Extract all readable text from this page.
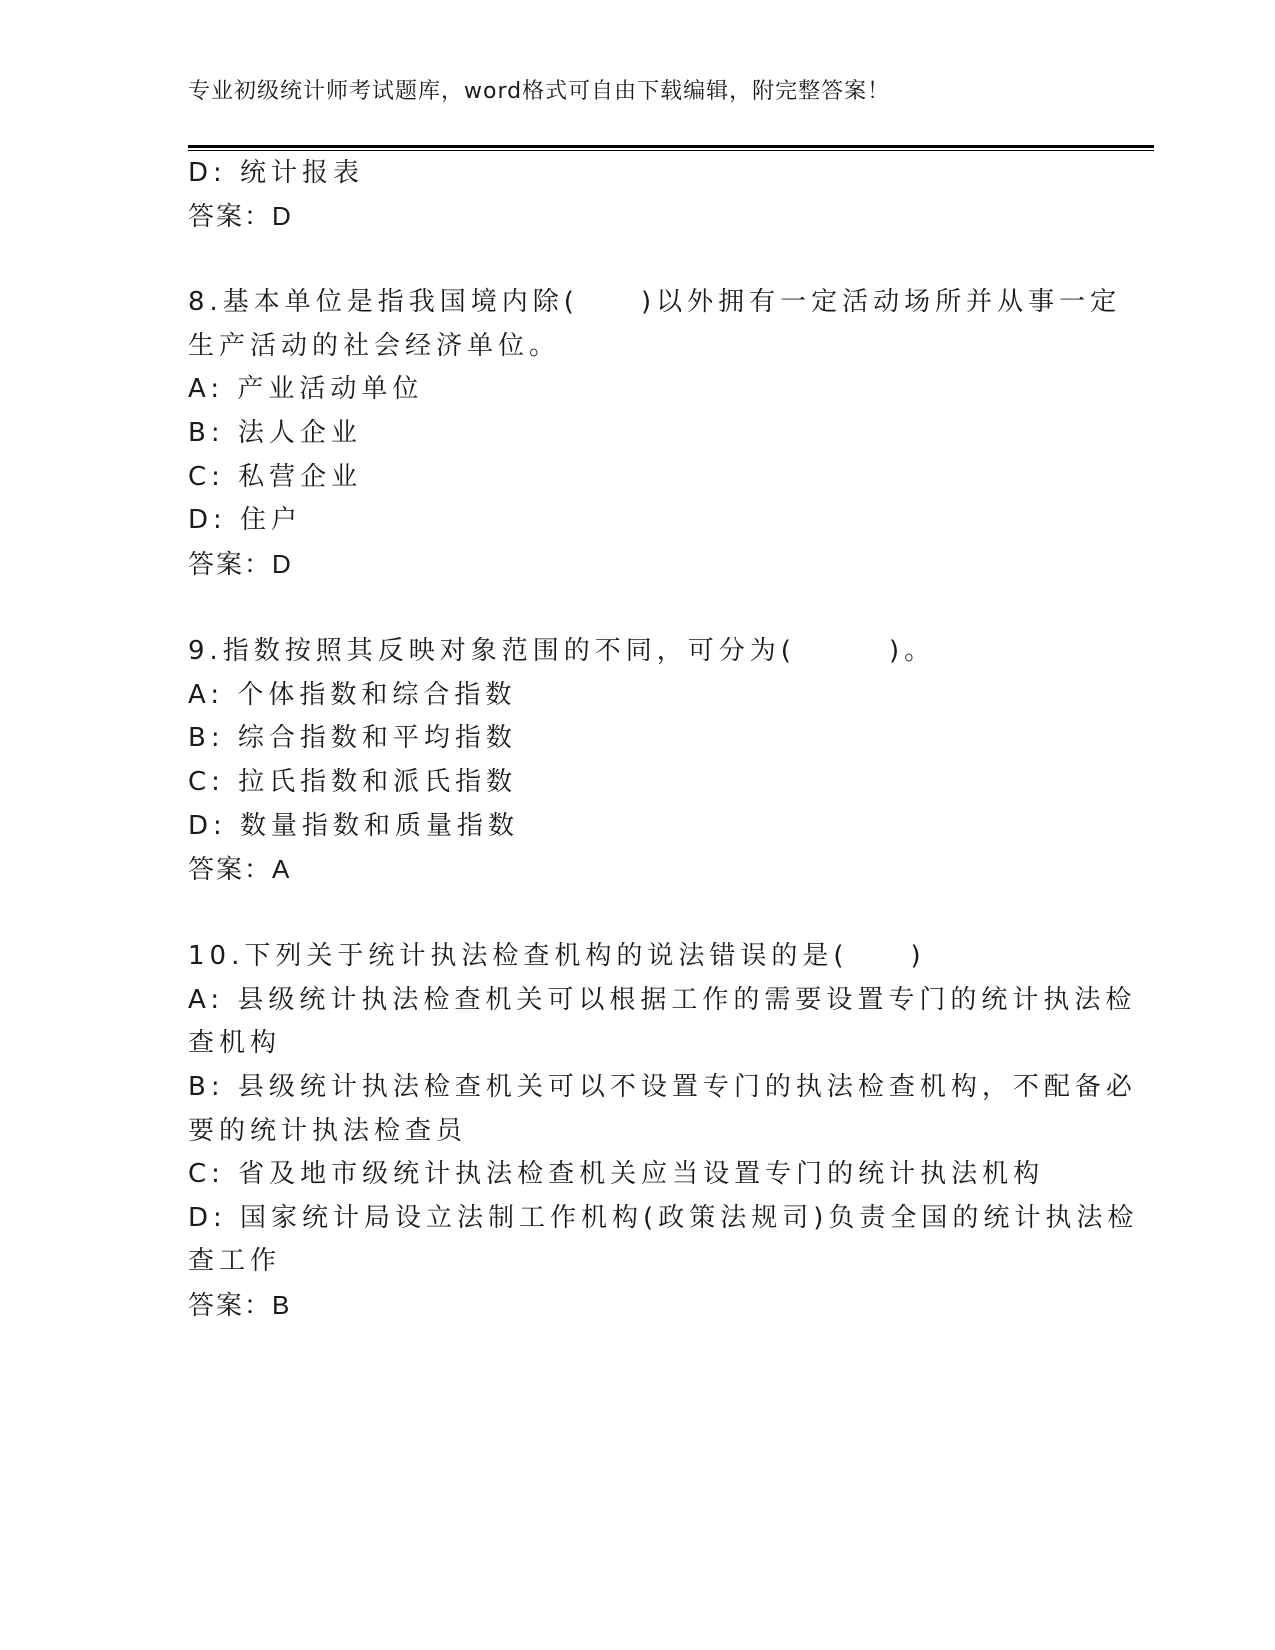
专业初级统计师考试题库，word格式可自由下载编辑，附完整答案！
D: 统计报表
答案：D
8.基本单位是指我国境内除(　　)以外拥有一定活动场所并从事一定
生产活动的社会经济单位。
A: 产业活动单位
B: 法人企业
C: 私营企业
D: 住户
答案：D
9.指数按照其反映对象范围的不同，可分为(　　　)。
A: 个体指数和综合指数
B: 综合指数和平均指数
C: 拉氏指数和派氏指数
D: 数量指数和质量指数
答案：A
10.下列关于统计执法检查机构的说法错误的是(　　)
A: 县级统计执法检查机关可以根据工作的需要设置专门的统计执法检
查机构
B: 县级统计执法检查机关可以不设置专门的执法检查机构，不配备必
要的统计执法检查员
C: 省及地市级统计执法检查机关应当设置专门的统计执法机构
D: 国家统计局设立法制工作机构(政策法规司)负责全国的统计执法检
查工作
答案：B
